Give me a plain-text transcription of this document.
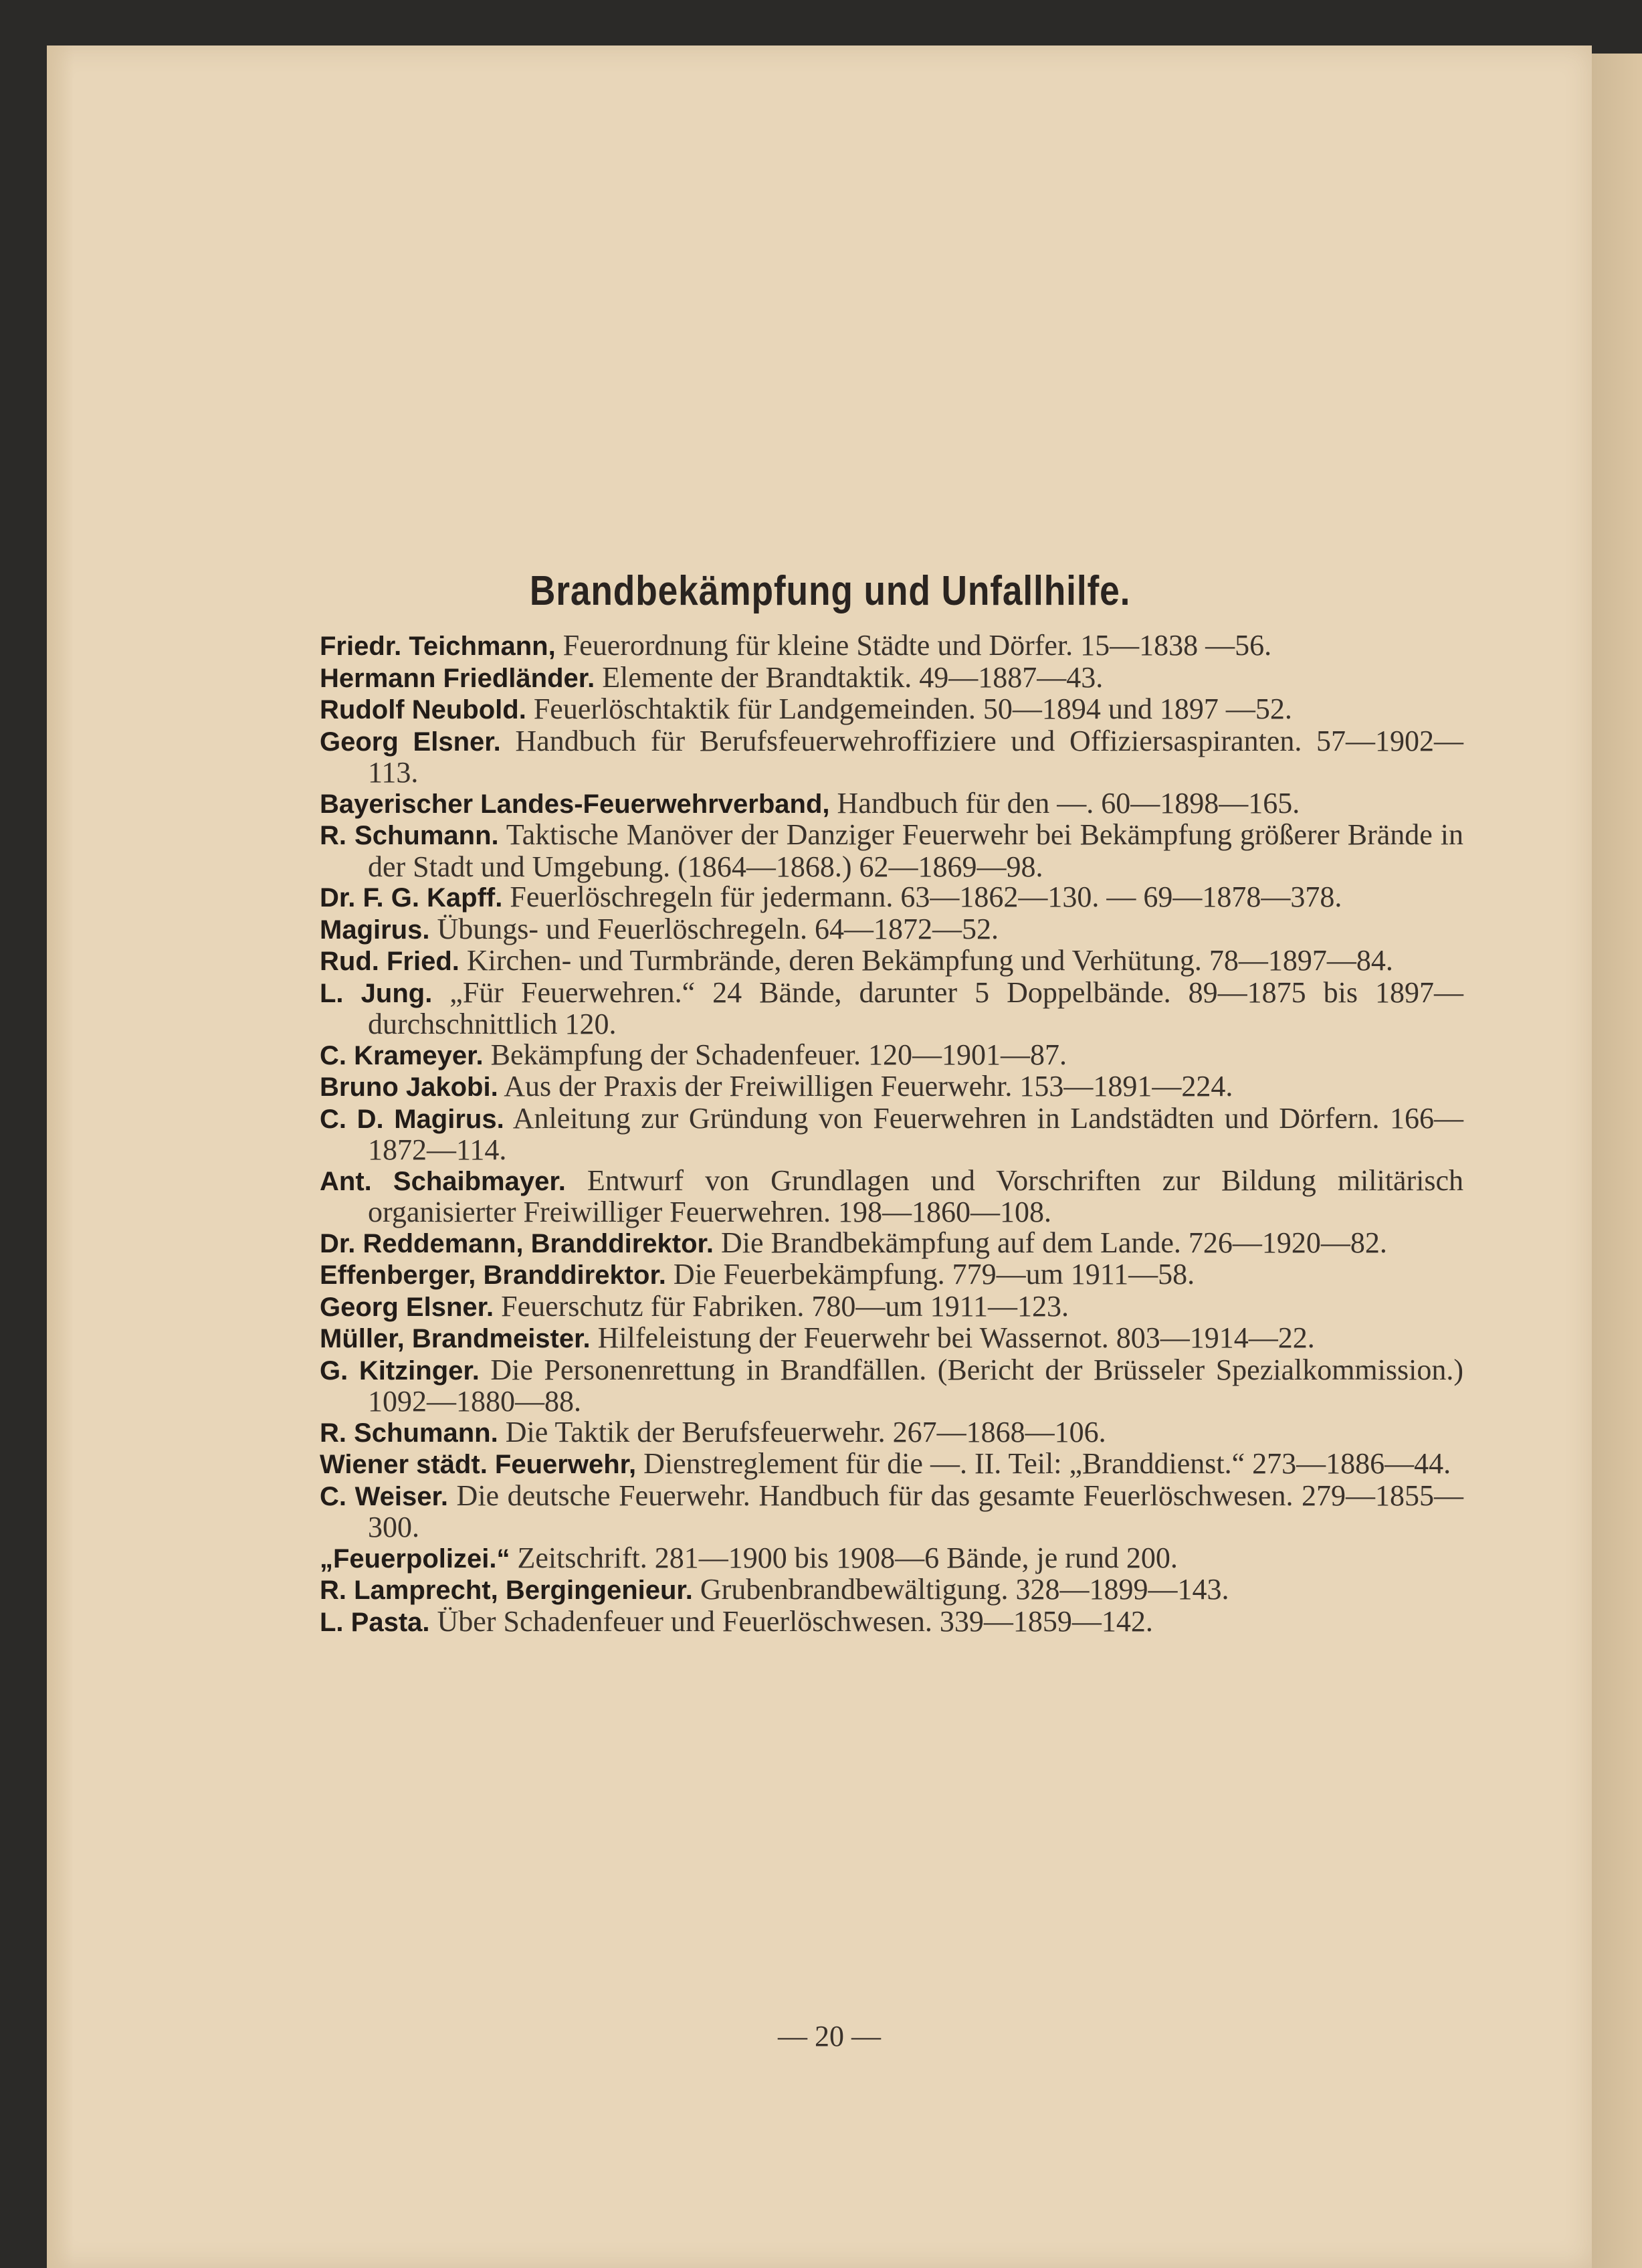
Brandbekämpfung und Unfallhilfe.
Friedr. Teichmann, Feuerordnung für kleine Städte und Dörfer. 15—1838 —56.
Hermann Friedländer. Elemente der Brandtaktik. 49—1887—43.
Rudolf Neubold. Feuerlöschtaktik für Landgemeinden. 50—1894 und 1897 —52.
Georg Elsner. Handbuch für Berufsfeuerwehroffiziere und Offiziersaspiranten. 57—1902—113.
Bayerischer Landes-Feuerwehrverband, Handbuch für den —. 60—1898—165.
R. Schumann. Taktische Manöver der Danziger Feuerwehr bei Bekämpfung größerer Brände in der Stadt und Umgebung. (1864—1868.) 62—1869—98.
Dr. F. G. Kapff. Feuerlöschregeln für jedermann. 63—1862—130. — 69—1878—378.
Magirus. Übungs- und Feuerlöschregeln. 64—1872—52.
Rud. Fried. Kirchen- und Turmbrände, deren Bekämpfung und Verhütung. 78—1897—84.
L. Jung. „Für Feuerwehren.“ 24 Bände, darunter 5 Doppelbände. 89—1875 bis 1897—durchschnittlich 120.
C. Krameyer. Bekämpfung der Schadenfeuer. 120—1901—87.
Bruno Jakobi. Aus der Praxis der Freiwilligen Feuerwehr. 153—1891—224.
C. D. Magirus. Anleitung zur Gründung von Feuerwehren in Landstädten und Dörfern. 166—1872—114.
Ant. Schaibmayer. Entwurf von Grundlagen und Vorschriften zur Bildung militärisch organisierter Freiwilliger Feuerwehren. 198—1860—108.
Dr. Reddemann, Branddirektor. Die Brandbekämpfung auf dem Lande. 726—1920—82.
Effenberger, Branddirektor. Die Feuerbekämpfung. 779—um 1911—58.
Georg Elsner. Feuerschutz für Fabriken. 780—um 1911—123.
Müller, Brandmeister. Hilfeleistung der Feuerwehr bei Wassernot. 803—1914—22.
G. Kitzinger. Die Personenrettung in Brandfällen. (Bericht der Brüsseler Spezialkommission.) 1092—1880—88.
R. Schumann. Die Taktik der Berufsfeuerwehr. 267—1868—106.
Wiener städt. Feuerwehr, Dienstreglement für die —. II. Teil: „Branddienst.“ 273—1886—44.
C. Weiser. Die deutsche Feuerwehr. Handbuch für das gesamte Feuerlöschwesen. 279—1855—300.
„Feuerpolizei.“ Zeitschrift. 281—1900 bis 1908—6 Bände, je rund 200.
R. Lamprecht, Bergingenieur. Grubenbrandbewältigung. 328—1899—143.
L. Pasta. Über Schadenfeuer und Feuerlöschwesen. 339—1859—142.
— 20 —
